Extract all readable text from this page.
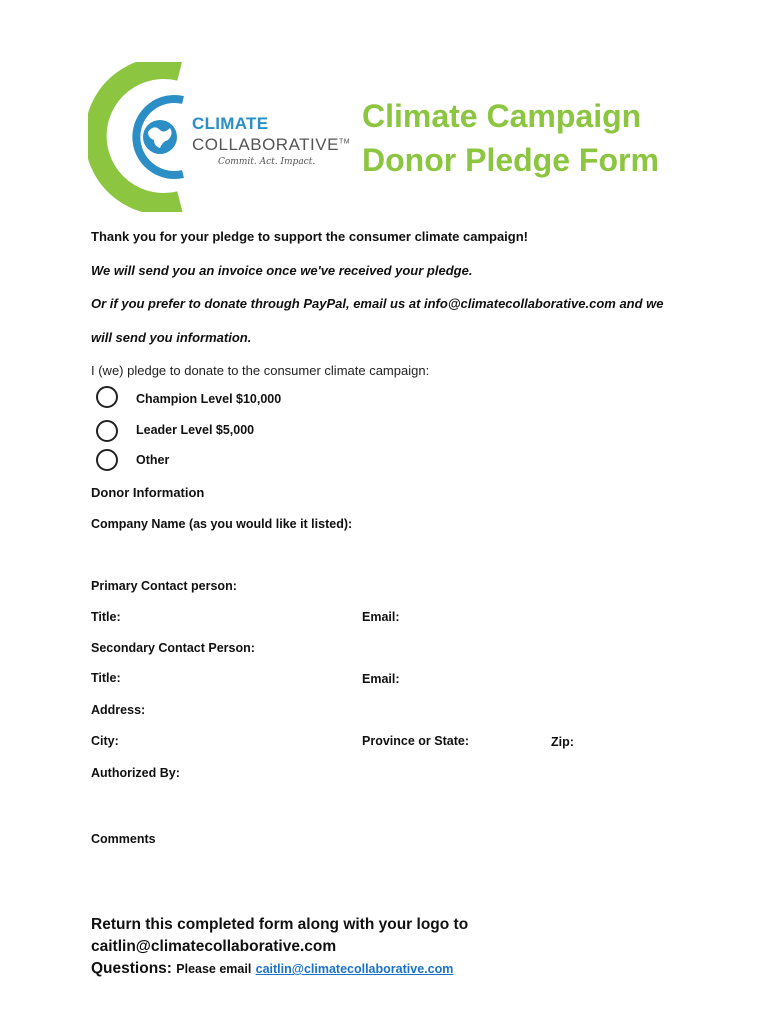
CLIMATE
COLLABORATIVE™
Commit. Act. Impact.
Climate Campaign
Donor Pledge Form
Thank you for your pledge to support the consumer climate campaign!
We will send you an invoice once we've received your pledge.
Or if you prefer to donate through PayPal, email us at info@climatecollaborative.com and we
will send you information.
I (we) pledge to donate to the consumer climate campaign:
Champion Level $10,000
Leader Level $5,000
Other
Donor Information
Company Name (as you would like it listed):
Primary Contact person:
Title:	Email:
Secondary Contact Person:
Title:	Email:
Address:
City:	Province or State:	Zip:
Authorized By:
Comments
Return this completed form along with your logo to
caitlin@climatecollaborative.com
Questions: Please email caitlin@climatecollaborative.com
